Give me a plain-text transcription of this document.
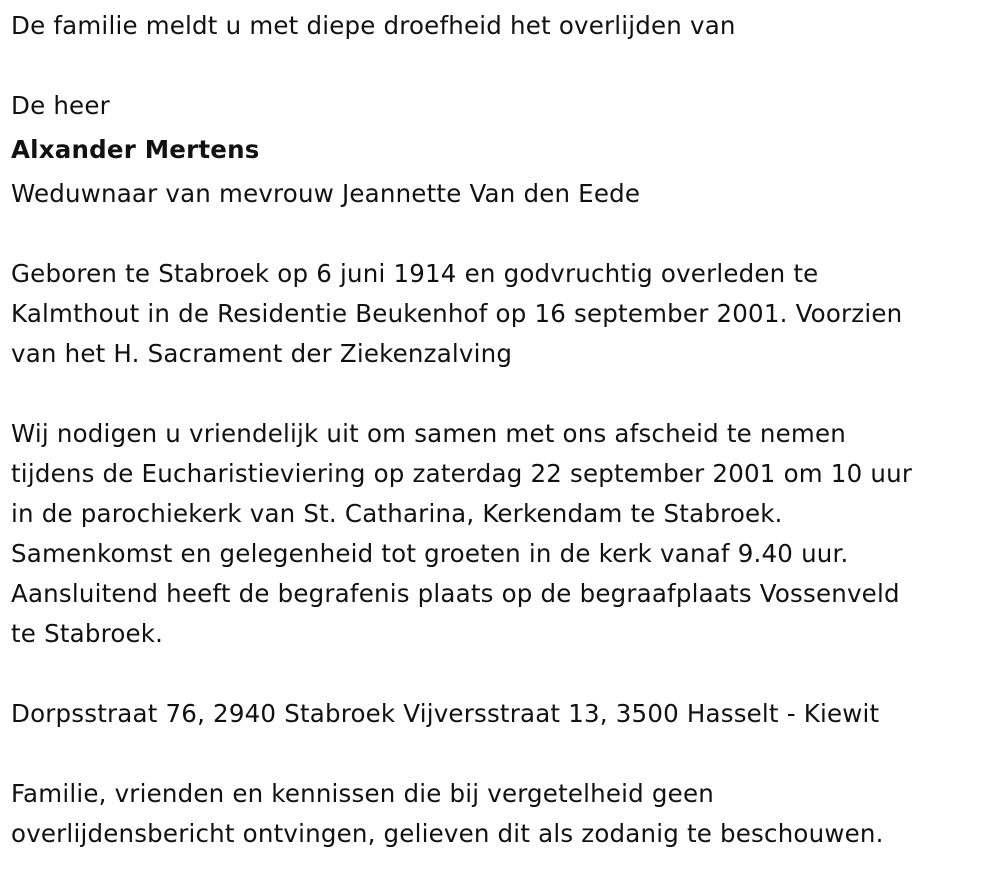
De familie meldt u met diepe droefheid het overlijden van
De heer
Alxander Mertens
Weduwnaar van mevrouw Jeannette Van den Eede
Geboren te Stabroek op 6 juni 1914 en godvruchtig overleden te
Kalmthout in de Residentie Beukenhof op 16 september 2001. Voorzien
van het H. Sacrament der Ziekenzalving
Wij nodigen u vriendelijk uit om samen met ons afscheid te nemen
tijdens de Eucharistieviering op zaterdag 22 september 2001 om 10 uur
in de parochiekerk van St. Catharina, Kerkendam te Stabroek.
Samenkomst en gelegenheid tot groeten in de kerk vanaf 9.40 uur.
Aansluitend heeft de begrafenis plaats op de begraafplaats Vossenveld
te Stabroek.
Dorpsstraat 76, 2940 Stabroek Vijversstraat 13, 3500 Hasselt - Kiewit
Familie, vrienden en kennissen die bij vergetelheid geen
overlijdensbericht ontvingen, gelieven dit als zodanig te beschouwen.
